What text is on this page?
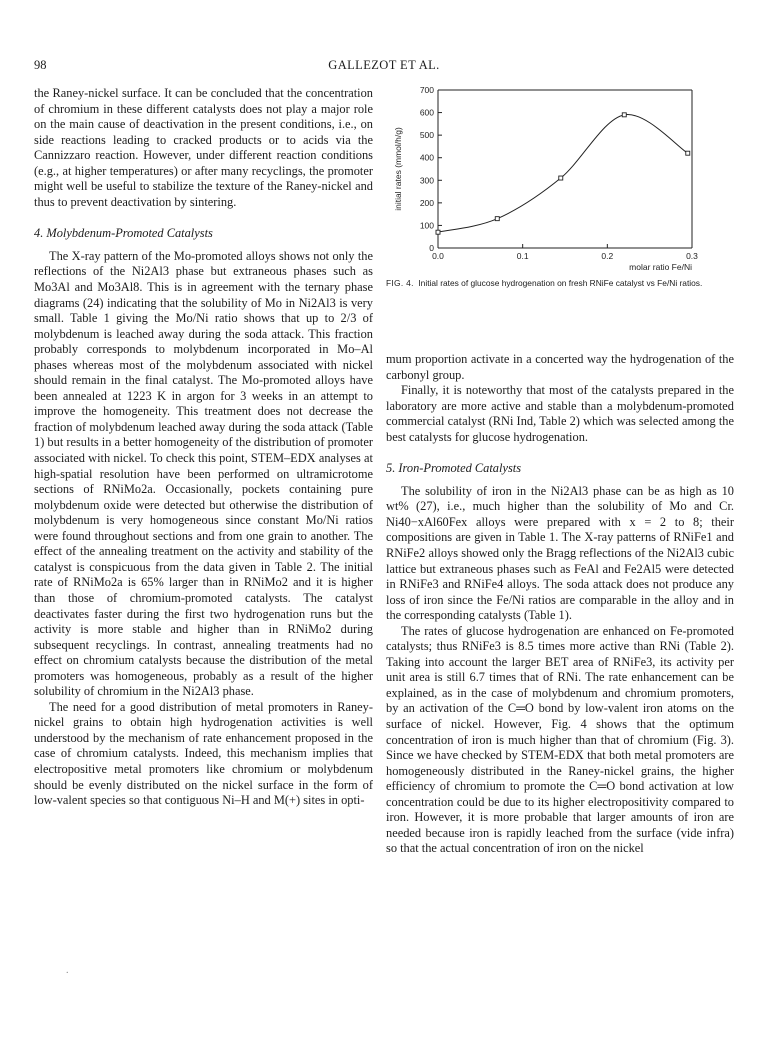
98	GALLEZOT ET AL.

the Raney-nickel surface. It can be concluded that the concentration of chromium in these different catalysts does not play a major role on the main cause of deactivation in the present conditions, i.e., on side reactions leading to cracked products or to acids via the Cannizzaro reaction. However, under different reaction conditions (e.g., at higher temperatures) or after many recyclings, the promoter might well be useful to stabilize the texture of the Raney-nickel and thus to prevent deactivation by sintering.

4. Molybdenum-Promoted Catalysts

The X-ray pattern of the Mo-promoted alloys shows not only the reflections of the Ni2Al3 phase but extraneous phases such as Mo3Al and Mo3Al8. This is in agreement with the ternary phase diagrams (24) indicating that the solubility of Mo in Ni2Al3 is very small. Table 1 giving the Mo/Ni ratio shows that up to 2/3 of molybdenum is leached away during the soda attack. This fraction probably corresponds to molybdenum incorporated in Mo–Al phases whereas most of the molybdenum associated with nickel should remain in the final catalyst. The Mo-promoted alloys have been annealed at 1223 K in argon for 3 weeks in an attempt to improve the homogeneity. This treatment does not decrease the fraction of molybdenum leached away during the soda attack (Table 1) but results in a better homogeneity of the distribution of promoter associated with nickel. To check this point, STEM–EDX analyses at high-spatial resolution have been performed on ultramicrotome sections of RNiMo2a. Occasionally, pockets containing pure molybdenum oxide were detected but otherwise the distribution of molybdenum is very homogeneous since constant Mo/Ni ratios were found throughout sections and from one grain to another. The effect of the annealing treatment on the activity and stability of the catalyst is conspicuous from the data given in Table 2. The initial rate of RNiMo2a is 65% larger than in RNiMo2 and it is higher than those of chromium-promoted catalysts. The catalyst deactivates faster during the first two hydrogenation runs but the activity is more stable and higher than in RNiMo2 during subsequent recyclings. In contrast, annealing treatments had no effect on chromium catalysts because the distribution of the metal promoters was homogeneous, probably as a result of the higher solubility of chromium in the Ni2Al3 phase.

The need for a good distribution of metal promoters in Raney-nickel grains to obtain high hydrogenation activities is well understood by the mechanism of rate enhancement proposed in the case of chromium catalysts. Indeed, this mechanism implies that electropositive metal promoters like chromium or molybdenum should be evenly distributed on the nickel surface in the form of low-valent species so that contiguous Ni–H and M(+) sites in opti-

0
100
200
300
400
500
600
700
0.0	0.1	0.2	0.3
molar ratio Fe/Ni
initial rates (mmol/h/g)
FIG. 4. Initial rates of glucose hydrogenation on fresh RNiFe catalyst vs Fe/Ni ratios.

mum proportion activate in a concerted way the hydrogenation of the carbonyl group.

Finally, it is noteworthy that most of the catalysts prepared in the laboratory are more active and stable than a molybdenum-promoted commercial catalyst (RNi Ind, Table 2) which was selected among the best catalysts for glucose hydrogenation.

5. Iron-Promoted Catalysts

The solubility of iron in the Ni2Al3 phase can be as high as 10 wt% (27), i.e., much higher than the solubility of Mo and Cr. Ni40−xAl60Fex alloys were prepared with x = 2 to 8; their compositions are given in Table 1. The X-ray patterns of RNiFe1 and RNiFe2 alloys showed only the Bragg reflections of the Ni2Al3 cubic lattice but extraneous phases such as FeAl and Fe2Al5 were detected in RNiFe3 and RNiFe4 alloys. The soda attack does not produce any loss of iron since the Fe/Ni ratios are comparable in the alloy and in the corresponding catalysts (Table 1).

The rates of glucose hydrogenation are enhanced on Fe-promoted catalysts; thus RNiFe3 is 8.5 times more active than RNi (Table 2). Taking into account the larger BET area of RNiFe3, its activity per unit area is still 6.7 times that of RNi. The rate enhancement can be explained, as in the case of molybdenum and chromium promoters, by an activation of the C═O bond by low-valent iron atoms on the surface of nickel. However, Fig. 4 shows that the optimum concentration of iron is much higher than that of chromium (Fig. 3). Since we have checked by STEM-EDX that both metal promoters are homogeneously distributed in the Raney-nickel grains, the higher efficiency of chromium to promote the C═O bond activation at low concentration could be due to its higher electropositivity compared to iron. However, it is more probable that larger amounts of iron are needed because iron is rapidly leached from the surface (vide infra) so that the actual concentration of iron on the nickel

.
